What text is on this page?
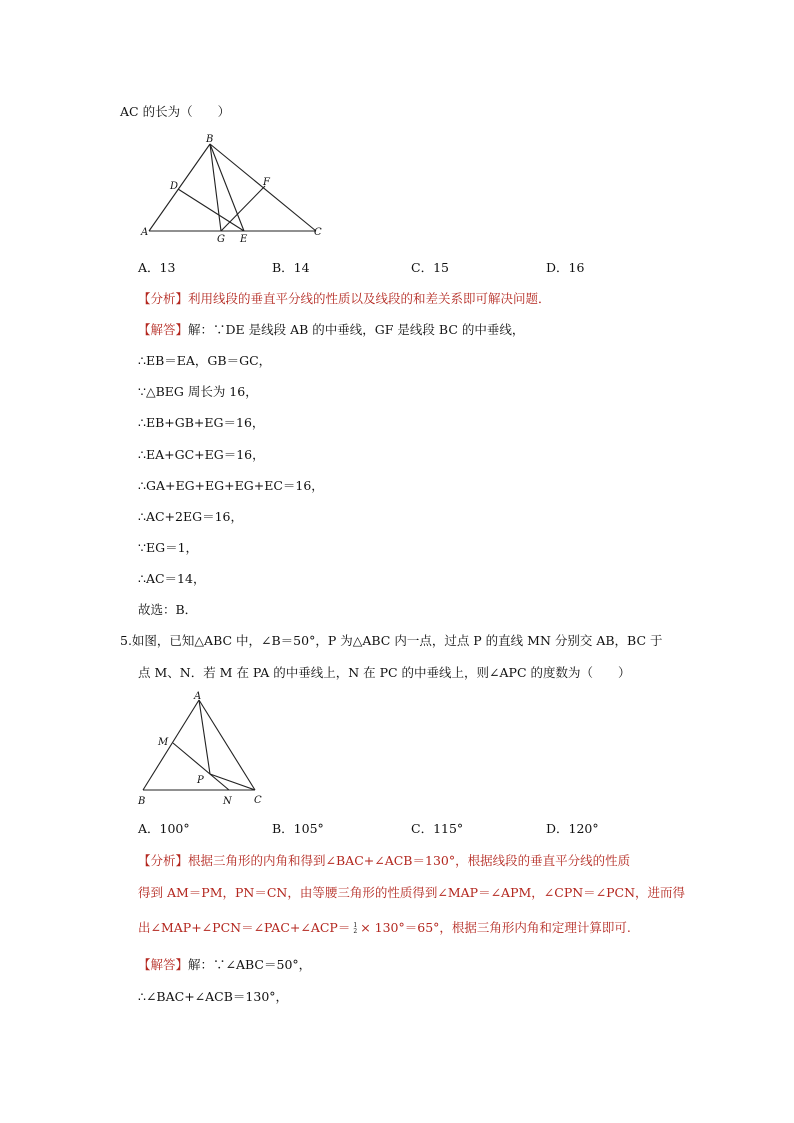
AC 的长为（　　）
B
D	F
A
G E
C
A．13	B．14	C．15	D．16
【分析】利用线段的垂直平分线的性质以及线段的和差关系即可解决问题．
【解答】解：∵DE 是线段 AB 的中垂线，GF 是线段 BC 的中垂线，
∴EB＝EA，GB＝GC，
∵△BEG 周长为 16，
∴EB+GB+EG＝16，
∴EA+GC+EG＝16，
∴GA+EG+EG+EG+EC＝16，
∴AC+2EG＝16，
∵EG＝1，
∴AC＝14，
故选：B．
5.如图，已知△ABC 中，∠B＝50°，P 为△ABC 内一点，过点 P 的直线 MN 分别交 AB，BC 于
点 M、N．若 M 在 PA 的中垂线上，N 在 PC 的中垂线上，则∠APC 的度数为（　　）
A
M
P
B	N C
A．100°	B．105°	C．115°	D．120°
【分析】根据三角形的内角和得到∠BAC+∠ACB＝130°，根据线段的垂直平分线的性质
得到 AM＝PM，PN＝CN，由等腰三角形的性质得到∠MAP＝∠APM，∠CPN＝∠PCN，进而得
出∠MAP+∠PCN＝∠PAC+∠ACP＝ 1
2 × 130°＝65°，根据三角形内角和定理计算即可.
【解答】解：∵∠ABC＝50°，
∴∠BAC+∠ACB＝130°，
